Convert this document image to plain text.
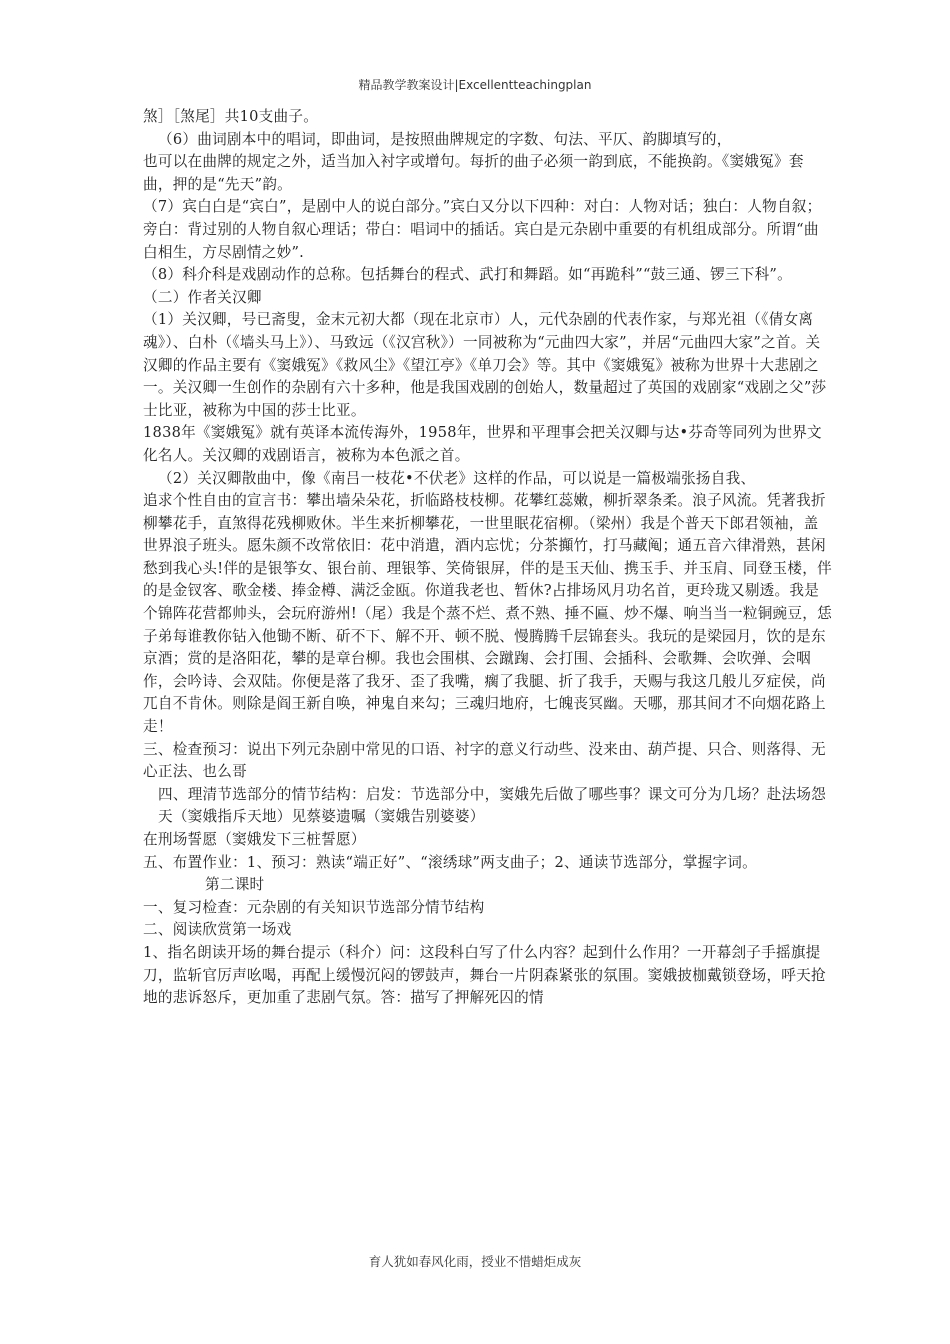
精品教学教案设计|Excellentteachingplan

煞］［煞尾］共10支曲子。

（6）曲词剧本中的唱词，即曲词，是按照曲牌规定的字数、句法、平仄、韵脚填写的，

也可以在曲牌的规定之外，适当加入衬字或增句。每折的曲子必须一韵到底，不能换韵。《窦娥冤》套曲，押的是“先天”韵。

（7）宾白白是“宾白”，是剧中人的说白部分。”宾白又分以下四种：对白：人物对话；独白：人物自叙；旁白：背过别的人物自叙心理话；带白：唱词中的插话。宾白是元杂剧中重要的有机组成部分。所谓“曲白相生，方尽剧情之妙”.

（8）科介科是戏剧动作的总称。包括舞台的程式、武打和舞蹈。如“再跪科”“鼓三通、锣三下科”。

（二）作者关汉卿

（1）关汉卿，号已斋叟，金末元初大都（现在北京市）人，元代杂剧的代表作家，与郑光祖（《倩女离魂》）、白朴（《墙头马上》）、马致远（《汉宫秋》）一同被称为“元曲四大家”，并居“元曲四大家”之首。关汉卿的作品主要有《窦娥冤》《救风尘》《望江亭》《单刀会》等。其中《窦娥冤》被称为世界十大悲剧之一。关汉卿一生创作的杂剧有六十多种，他是我国戏剧的创始人，数量超过了英国的戏剧家“戏剧之父”莎士比亚，被称为中国的莎士比亚。

1838年《窦娥冤》就有英译本流传海外，1958年，世界和平理事会把关汉卿与达•芬奇等同列为世界文化名人。关汉卿的戏剧语言，被称为本色派之首。

（2）关汉卿散曲中，像《南吕一枝花•不伏老》这样的作品，可以说是一篇极端张扬自我、

追求个性自由的宣言书：攀出墙朵朵花，折临路枝枝柳。花攀红蕊嫩，柳折翠条柔。浪子风流。凭著我折柳攀花手，直煞得花残柳败休。半生来折柳攀花，一世里眠花宿柳。（梁州）我是个普天下郎君领袖，盖世界浪子班头。愿朱颜不改常依旧：花中消遣，酒内忘忧；分茶攧竹，打马藏阄；通五音六律滑熟，甚闲愁到我心头!伴的是银筝女、银台前、理银筝、笑倚银屏，伴的是玉天仙、携玉手、并玉肩、同登玉楼，伴的是金钗客、歌金楼、捧金樽、满泛金瓯。你道我老也、暂休?占排场风月功名首，更玲珑又剔透。我是个锦阵花营都帅头，会玩府游州!（尾）我是个蒸不烂、煮不熟、捶不匾、炒不爆、响当当一粒铜豌豆，恁子弟每谁教你钻入他锄不断、斫不下、解不开、顿不脱、慢腾腾千层锦套头。我玩的是梁园月，饮的是东京酒；赏的是洛阳花，攀的是章台柳。我也会围棋、会蹴踘、会打围、会插科、会歌舞、会吹弹、会咽作，会吟诗、会双陆。你便是落了我牙、歪了我嘴，瘸了我腿、折了我手，天赐与我这几般儿歹症侯，尚兀自不肯休。则除是阎王新自唤，神鬼自来勾；三魂归地府，七魄丧冥幽。天哪，那其间才不向烟花路上走！

三、检查预习：说出下列元杂剧中常见的口语、衬字的意义行动些、没来由、葫芦提、只合、则落得、无心正法、也么哥

四、理清节选部分的情节结构：启发：节选部分中，窦娥先后做了哪些事？课文可分为几场？赴法场怨天（窦娥指斥天地）见蔡婆遗嘱（窦娥告别婆婆）

在刑场誓愿（窦娥发下三桩誓愿）

五、布置作业：1、预习：熟读“端正好”、“滚绣球”两支曲子；2、通读节选部分，掌握字词。

第二课时

一、复习检查：元杂剧的有关知识节选部分情节结构

二、阅读欣赏第一场戏

1、指名朗读开场的舞台提示（科介）问：这段科白写了什么内容？起到什么作用？一开幕刽子手摇旗提刀，监斩官厉声吆喝，再配上缓慢沉闷的锣鼓声，舞台一片阴森紧张的氛围。窦娥披枷戴锁登场，呼天抢地的悲诉怒斥，更加重了悲剧气氛。答：描写了押解死囚的情

育人犹如春风化雨，授业不惜蜡炬成灰
